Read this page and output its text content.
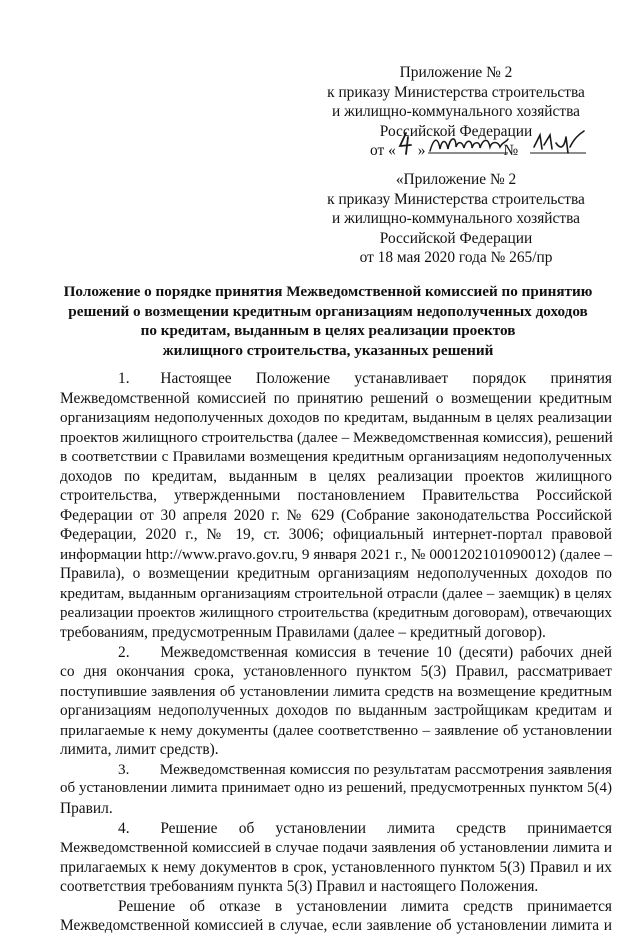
Приложение № 2
к приказу Министерства строительства
и жилищно-коммунального хозяйства
Российской Федерации
от « »	№
«Приложение № 2
к приказу Министерства строительства
и жилищно-коммунального хозяйства
Российской Федерации
от 18 мая 2020 года № 265/пр
Положение о порядке принятия Межведомственной комиссией по принятию
решений о возмещении кредитным организациям недополученных доходов
по кредитам, выданным в целях реализации проектов
жилищного строительства, указанных решений
1.  Настоящее Положение устанавливает порядок принятия
Межведомственной комиссией по принятию решений о возмещении кредитным
организациям недополученных доходов по кредитам, выданным в целях реализации
проектов жилищного строительства (далее – Межведомственная комиссия), решений
в соответствии с Правилами возмещения кредитным организациям недополученных
доходов по кредитам, выданным в целях реализации проектов жилищного
строительства, утвержденными постановлением Правительства Российской
Федерации от 30 апреля 2020 г. № 629 (Собрание законодательства Российской
Федерации, 2020 г., № 19, ст. 3006; официальный интернет-портал правовой
информации http://www.pravo.gov.ru, 9 января 2021 г., № 0001202101090012) (далее –
Правила), о возмещении кредитным организациям недополученных доходов по
кредитам, выданным организациям строительной отрасли (далее – заемщик) в целях
реализации проектов жилищного строительства (кредитным договорам), отвечающих
требованиям, предусмотренным Правилами (далее – кредитный договор).
2.  Межведомственная комиссия в течение 10 (десяти) рабочих дней
со дня окончания срока, установленного пунктом 5(3) Правил, рассматривает
поступившие заявления об установлении лимита средств на возмещение кредитным
организациям недополученных доходов по выданным застройщикам кредитам и
прилагаемые к нему документы (далее соответственно – заявление об установлении
лимита, лимит средств).
3.  Межведомственная комиссия по результатам рассмотрения заявления
об установлении лимита принимает одно из решений, предусмотренных пунктом 5(4)
Правил.
4.  Решение об установлении лимита средств принимается
Межведомственной комиссией в случае подачи заявления об установлении лимита и
прилагаемых к нему документов в срок, установленного пунктом 5(3) Правил и их
соответствия требованиям пункта 5(3) Правил и настоящего Положения.
Решение об отказе в установлении лимита средств принимается
Межведомственной комиссией в случае, если заявление об установлении лимита и
